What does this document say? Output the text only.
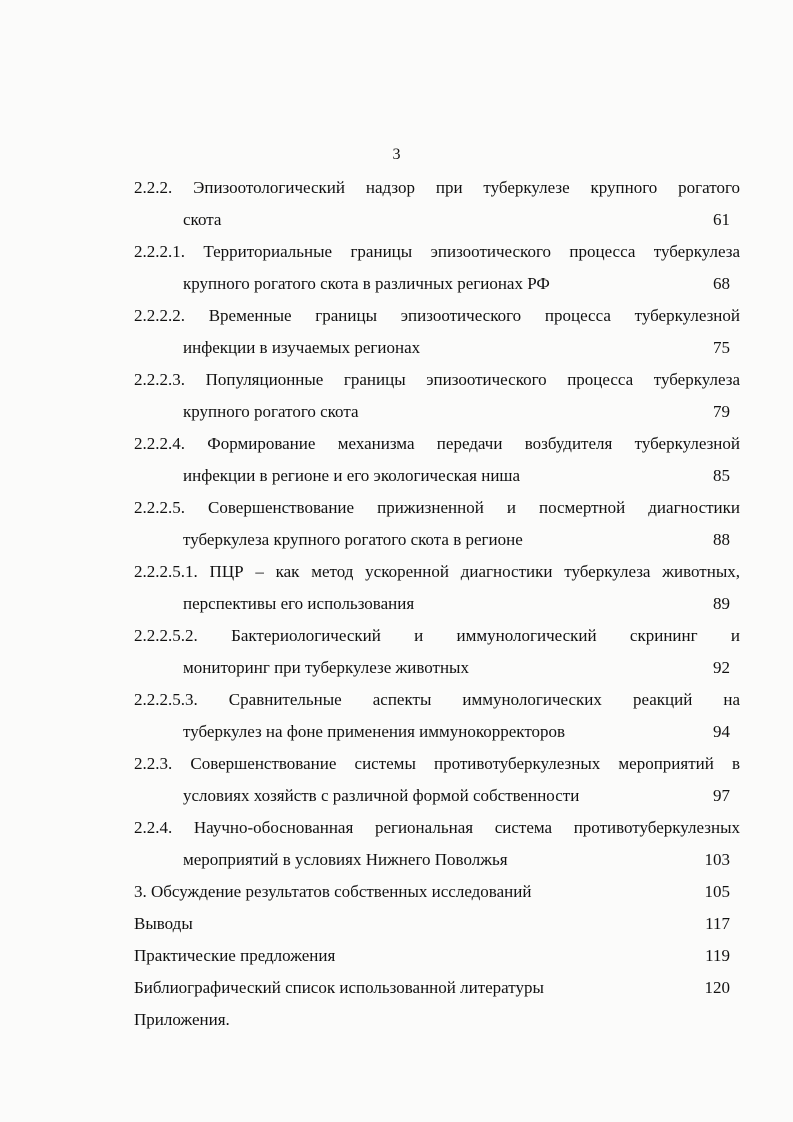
3
2.2.2. Эпизоотологический надзор при туберкулезе крупного рогатого
скота	61
2.2.2.1. Территориальные границы эпизоотического процесса туберкулеза
крупного рогатого скота в различных регионах РФ	68
2.2.2.2. Временные границы эпизоотического процесса туберкулезной
инфекции в изучаемых регионах	75
2.2.2.3. Популяционные границы эпизоотического процесса туберкулеза
крупного рогатого скота	79
2.2.2.4. Формирование механизма передачи возбудителя туберкулезной
инфекции в регионе и его экологическая ниша	85
2.2.2.5. Совершенствование прижизненной и посмертной диагностики
туберкулеза крупного рогатого скота в регионе	88
2.2.2.5.1. ПЦР – как метод ускоренной диагностики туберкулеза животных,
перспективы его использования	89
2.2.2.5.2. Бактериологический и иммунологический скрининг и
мониторинг при туберкулезе животных	92
2.2.2.5.3. Сравнительные аспекты иммунологических реакций на
туберкулез на фоне применения иммунокорректоров	94
2.2.3. Совершенствование системы противотуберкулезных мероприятий в
условиях хозяйств с различной формой собственности	97
2.2.4. Научно-обоснованная региональная система противотуберкулезных
мероприятий в условиях Нижнего Поволжья	103
3. Обсуждение результатов собственных исследований	105
Выводы	117
Практические предложения	119
Библиографический список использованной литературы	120
Приложения.
